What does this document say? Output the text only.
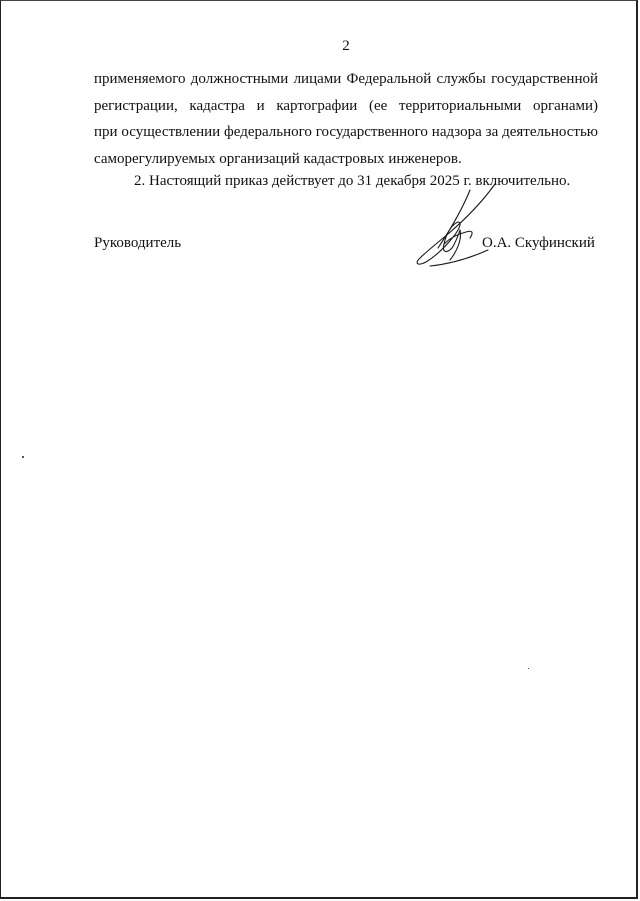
2
применяемого должностными лицами Федеральной службы государственной
регистрации, кадастра и картографии (ее территориальными органами)
при осуществлении федерального государственного надзора за деятельностью
саморегулируемых организаций кадастровых инженеров.
2. Настоящий приказ действует до 31 декабря 2025 г. включительно.
Руководитель	О.А. Скуфинский
